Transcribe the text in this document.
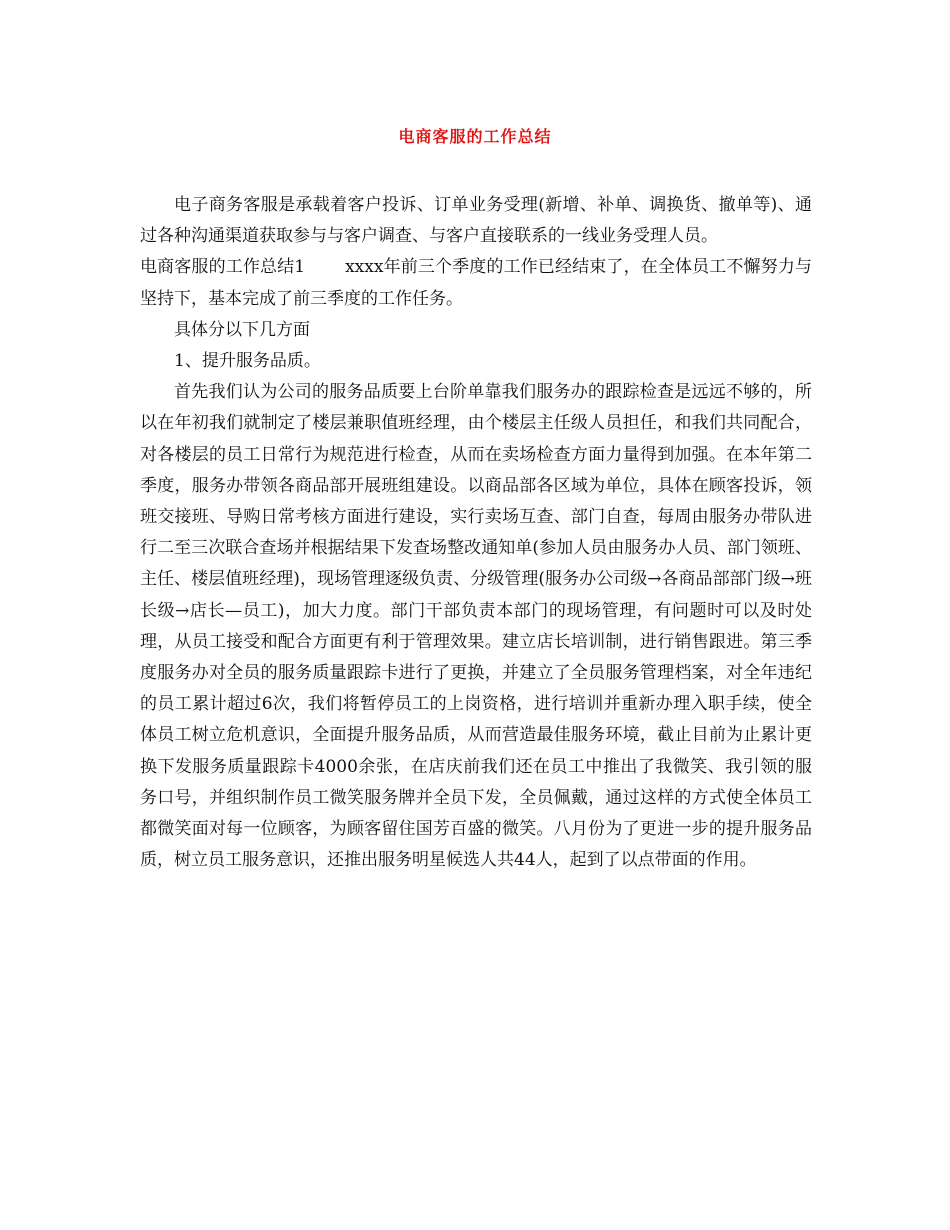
电商客服的工作总结

电子商务客服是承载着客户投诉、订单业务受理(新增、补单、调换货、撤单等)、通过各种沟通渠道获取参与与客户调查、与客户直接联系的一线业务受理人员。

电商客服的工作总结1 xxxx年前三个季度的工作已经结束了，在全体员工不懈努力与坚持下，基本完成了前三季度的工作任务。

具体分以下几方面

1、提升服务品质。

首先我们认为公司的服务品质要上台阶单靠我们服务办的跟踪检查是远远不够的，所以在年初我们就制定了楼层兼职值班经理，由个楼层主任级人员担任，和我们共同配合，对各楼层的员工日常行为规范进行检查，从而在卖场检查方面力量得到加强。在本年第二季度，服务办带领各商品部开展班组建设。以商品部各区域为单位，具体在顾客投诉，领班交接班、导购日常考核方面进行建设，实行卖场互查、部门自查，每周由服务办带队进行二至三次联合查场并根据结果下发查场整改通知单(参加人员由服务办人员、部门领班、主任、楼层值班经理)，现场管理逐级负责、分级管理(服务办公司级→各商品部部门级→班长级→店长—员工)，加大力度。部门干部负责本部门的现场管理，有问题时可以及时处理，从员工接受和配合方面更有利于管理效果。建立店长培训制，进行销售跟进。第三季度服务办对全员的服务质量跟踪卡进行了更换，并建立了全员服务管理档案，对全年违纪的员工累计超过6次，我们将暂停员工的上岗资格，进行培训并重新办理入职手续，使全体员工树立危机意识，全面提升服务品质，从而营造最佳服务环境，截止目前为止累计更换下发服务质量跟踪卡4000余张，在店庆前我们还在员工中推出了我微笑、我引领的服务口号，并组织制作员工微笑服务牌并全员下发，全员佩戴，通过这样的方式使全体员工都微笑面对每一位顾客，为顾客留住国芳百盛的微笑。八月份为了更进一步的提升服务品质，树立员工服务意识，还推出服务明星候选人共44人，起到了以点带面的作用。
